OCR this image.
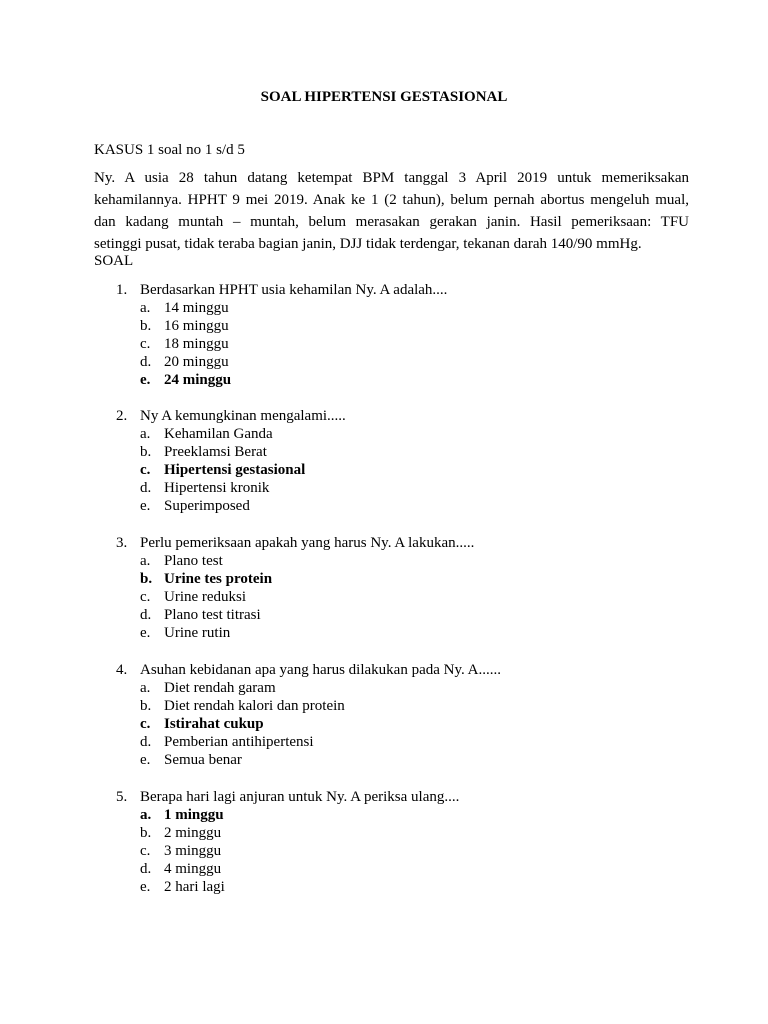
SOAL HIPERTENSI GESTASIONAL
KASUS 1 soal no 1 s/d 5
Ny. A usia 28 tahun datang ketempat BPM tanggal 3 April 2019 untuk memeriksakan
kehamilannya. HPHT 9 mei 2019. Anak ke 1 (2 tahun), belum pernah abortus mengeluh mual,
dan kadang muntah – muntah, belum merasakan gerakan janin. Hasil pemeriksaan: TFU
setinggi pusat, tidak teraba bagian janin, DJJ tidak terdengar, tekanan darah 140/90 mmHg.
SOAL
1. Berdasarkan HPHT usia kehamilan Ny. A adalah....
a. 14 minggu
b. 16 minggu
c. 18 minggu
d. 20 minggu
e. 24 minggu
2. Ny A kemungkinan mengalami.....
a. Kehamilan Ganda
b. Preeklamsi Berat
c. Hipertensi gestasional
d. Hipertensi kronik
e. Superimposed
3. Perlu pemeriksaan apakah yang harus Ny. A lakukan.....
a. Plano test
b. Urine tes protein
c. Urine reduksi
d. Plano test titrasi
e. Urine rutin
4. Asuhan kebidanan apa yang harus dilakukan pada Ny. A......
a. Diet rendah garam
b. Diet rendah kalori dan protein
c. Istirahat cukup
d. Pemberian antihipertensi
e. Semua benar
5. Berapa hari lagi anjuran untuk Ny. A periksa ulang....
a. 1 minggu
b. 2 minggu
c. 3 minggu
d. 4 minggu
e. 2 hari lagi
